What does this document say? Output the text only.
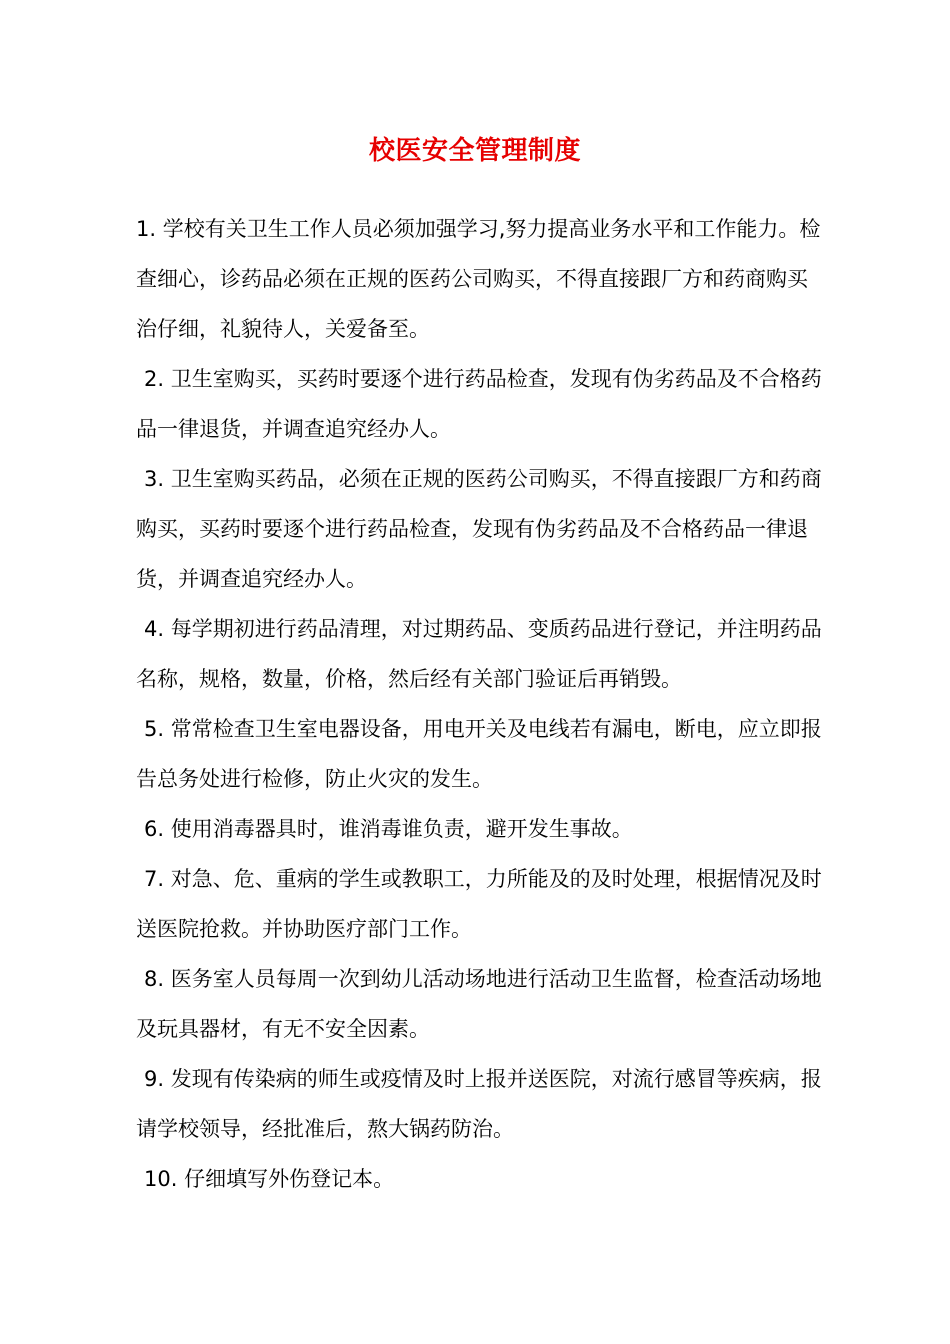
校医安全管理制度

1. 学校有关卫生工作人员必须加强学习,努力提高业务水平和工作能力。检查细心，诊药品必须在正规的医药公司购买，不得直接跟厂方和药商购买治仔细，礼貌待人，关爱备至。

2. 卫生室购买，买药时要逐个进行药品检查，发现有伪劣药品及不合格药品一律退货，并调查追究经办人。

3. 卫生室购买药品，必须在正规的医药公司购买，不得直接跟厂方和药商购买，买药时要逐个进行药品检查，发现有伪劣药品及不合格药品一律退货，并调查追究经办人。

4. 每学期初进行药品清理，对过期药品、变质药品进行登记，并注明药品名称，规格，数量，价格，然后经有关部门验证后再销毁。

5. 常常检查卫生室电器设备，用电开关及电线若有漏电，断电，应立即报告总务处进行检修，防止火灾的发生。

6. 使用消毒器具时，谁消毒谁负责，避开发生事故。

7. 对急、危、重病的学生或教职工，力所能及的及时处理，根据情况及时送医院抢救。并协助医疗部门工作。

8. 医务室人员每周一次到幼儿活动场地进行活动卫生监督，检查活动场地及玩具器材，有无不安全因素。

9. 发现有传染病的师生或疫情及时上报并送医院，对流行感冒等疾病，报请学校领导，经批准后，熬大锅药防治。

10. 仔细填写外伤登记本。
